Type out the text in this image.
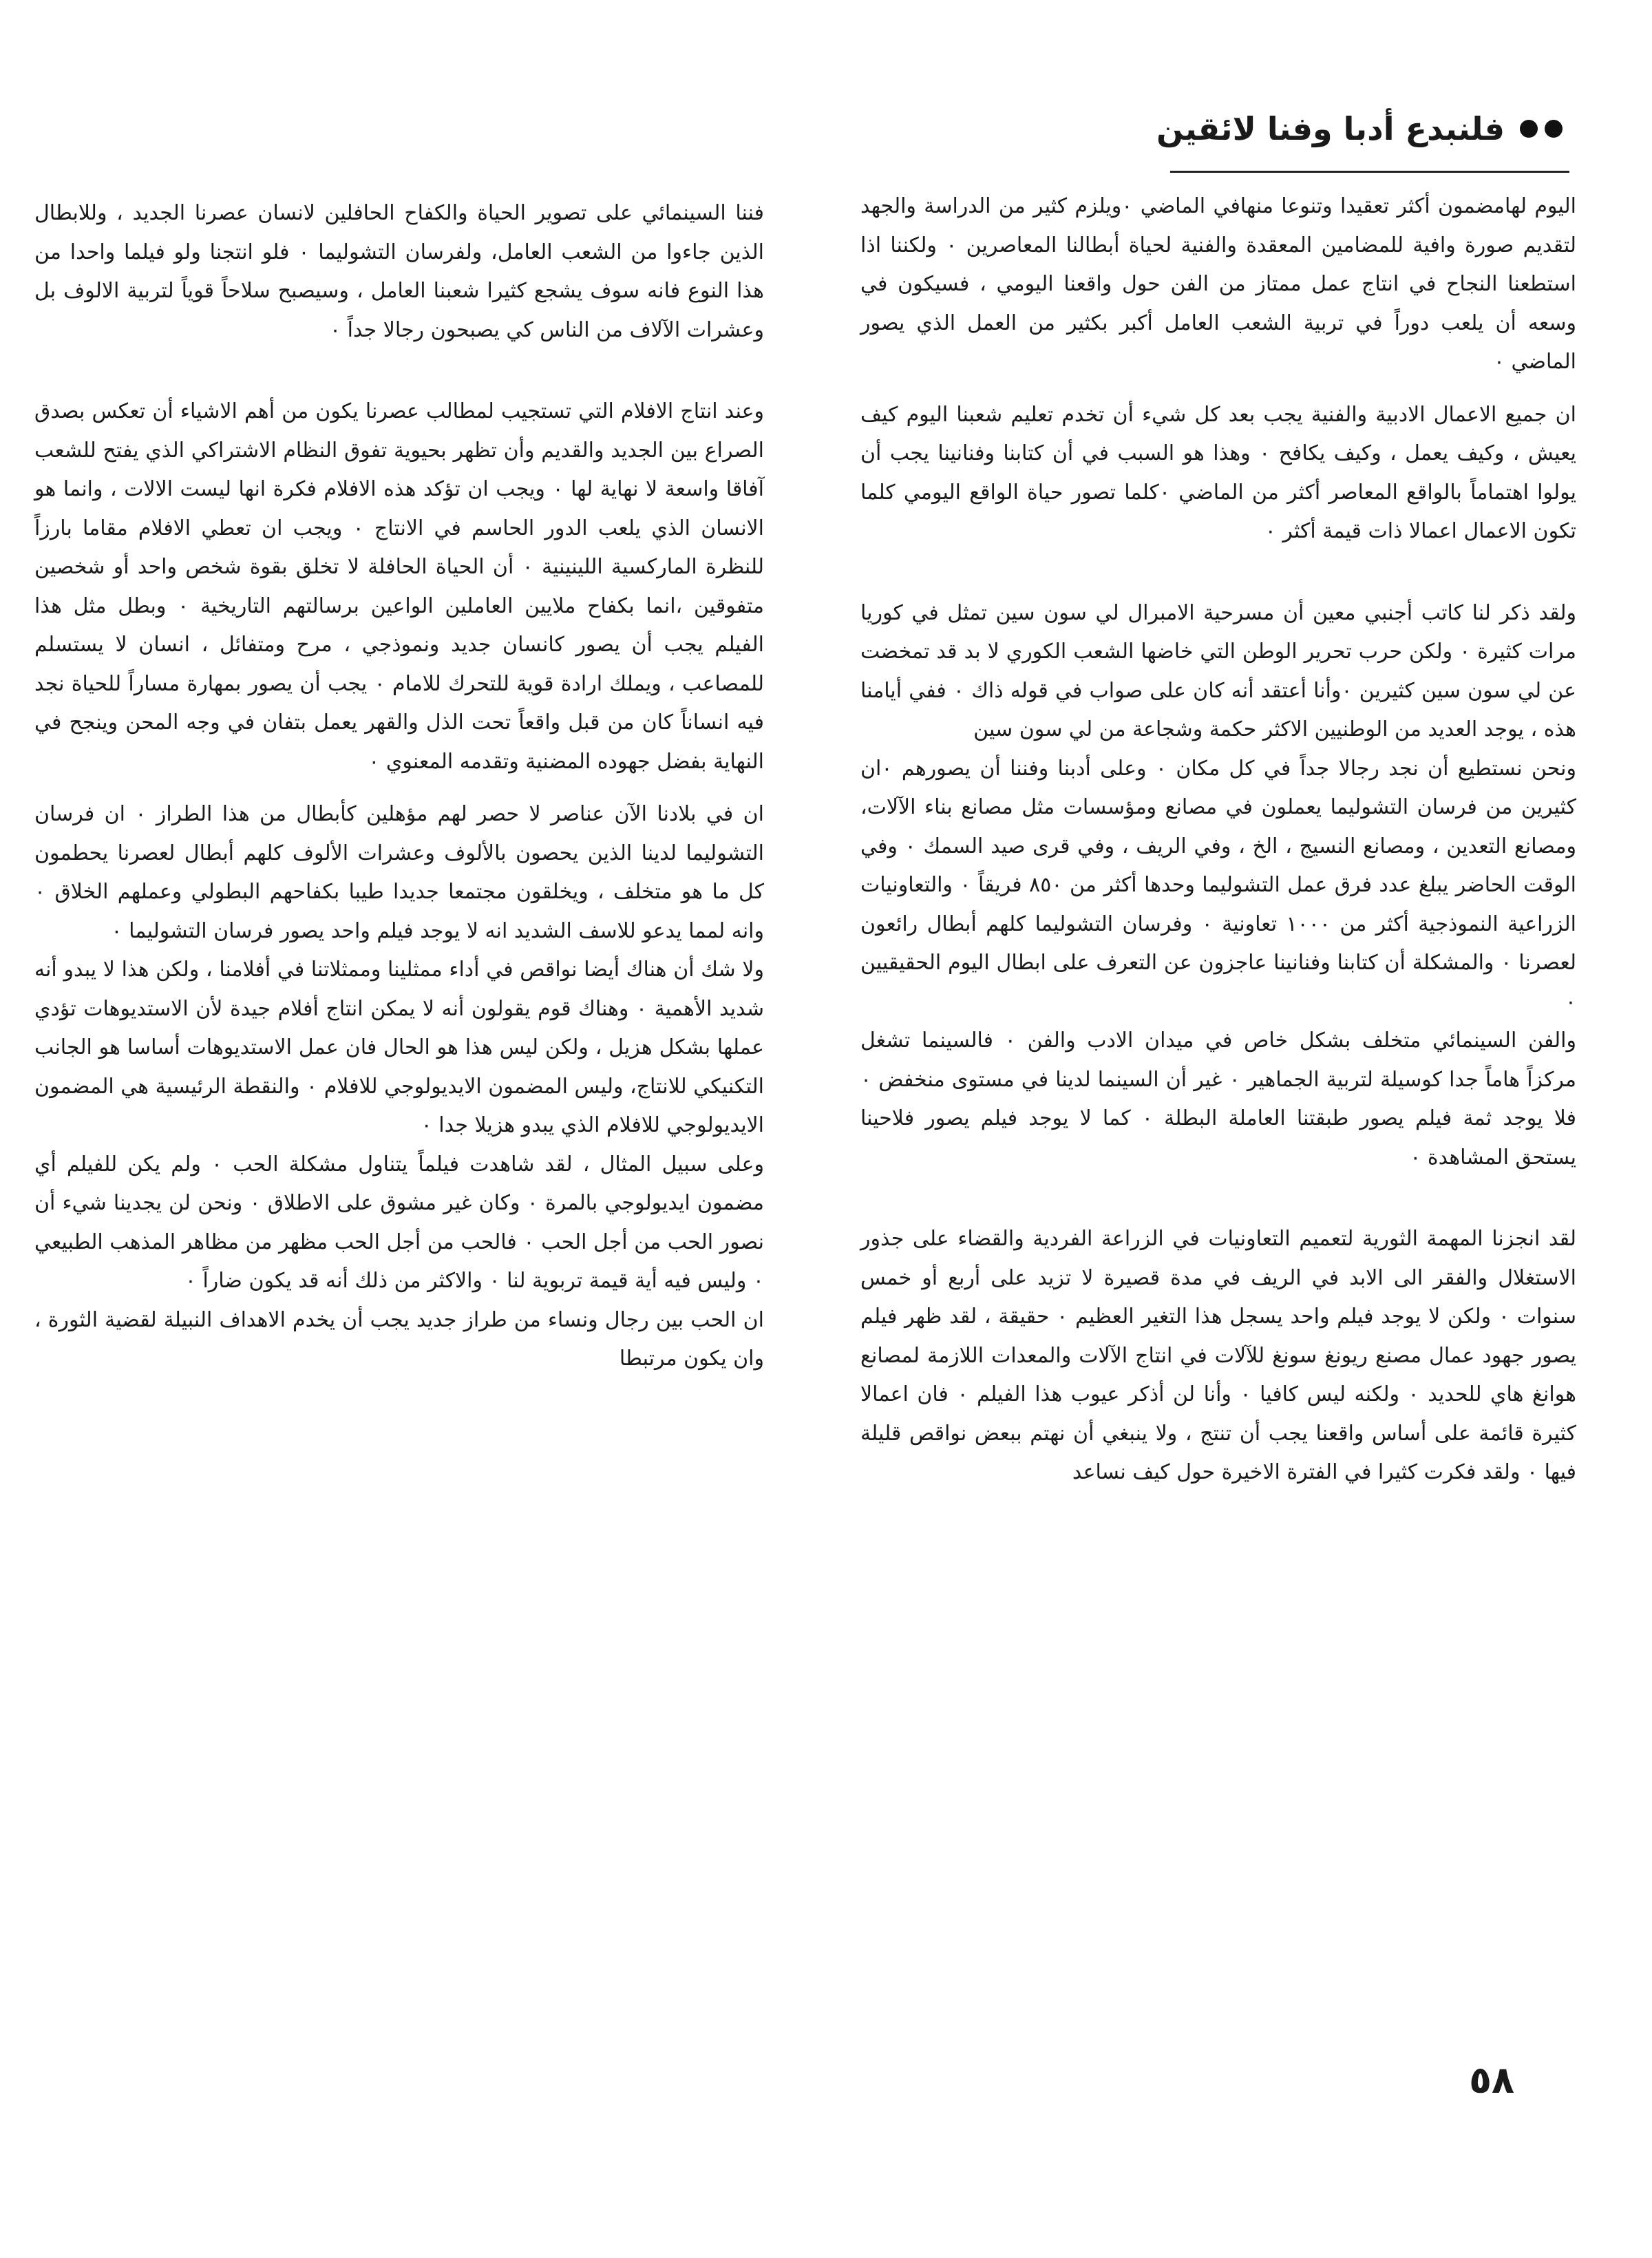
فلنبدع أدبا وفنا لائقين

اليوم لهامضمون أكثر تعقيدا وتنوعا منهافي الماضي ٠ويلزم كثير من الدراسة والجهد لتقديم صورة وافية للمضامين المعقدة والفنية لحياة أبطالنا المعاصرين ٠ ولكننا اذا استطعنا النجاح في انتاج عمل ممتاز من الفن حول واقعنا اليومي ، فسيكون في وسعه أن يلعب دوراً في تربية الشعب العامل أكبر بكثير من العمل الذي يصور الماضي ٠

ان جميع الاعمال الادبية والفنية يجب بعد كل شيء أن تخدم تعليم شعبنا اليوم كيف يعيش ، وكيف يعمل ، وكيف يكافح ٠ وهذا هو السبب في أن كتابنا وفنانينا يجب أن يولوا اهتماماً بالواقع المعاصر أكثر من الماضي ٠كلما تصور حياة الواقع اليومي كلما تكون الاعمال اعمالا ذات قيمة أكثر ٠

ولقد ذكر لنا كاتب أجنبي معين أن مسرحية الامبرال لي سون سين تمثل في كوريا مرات كثيرة ٠ ولكن حرب تحرير الوطن التي خاضها الشعب الكوري لا بد قد تمخضت عن لي سون سين كثيرين ٠وأنا أعتقد أنه كان على صواب في قوله ذاك ٠ ففي أيامنا هذه ، يوجد العديد من الوطنيين الاكثر حكمة وشجاعة من لي سون سين

ونحن نستطيع أن نجد رجالا جداً في كل مكان ٠ وعلى أدبنا وفننا أن يصورهم ٠ان كثيرين من فرسان التشوليما يعملون في مصانع ومؤسسات مثل مصانع بناء الآلات، ومصانع التعدين ، ومصانع النسيج ، الخ ، وفي الريف ، وفي قرى صيد السمك ٠ وفي الوقت الحاضر يبلغ عدد فرق عمل التشوليما وحدها أكثر من ٨٥٠ فريقاً ٠ والتعاونيات الزراعية النموذجية أكثر من ١٠٠٠ تعاونية ٠ وفرسان التشوليما كلهم أبطال رائعون لعصرنا ٠ والمشكلة أن كتابنا وفنانينا عاجزون عن التعرف على ابطال اليوم الحقيقيين ٠

والفن السينمائي متخلف بشكل خاص في ميدان الادب والفن ٠ فالسينما تشغل مركزاً هاماً جدا كوسيلة لتربية الجماهير ٠ غير أن السينما لدينا في مستوى منخفض ٠ فلا يوجد ثمة فيلم يصور طبقتنا العاملة البطلة ٠ كما لا يوجد فيلم يصور فلاحينا يستحق المشاهدة ٠

لقد انجزنا المهمة الثورية لتعميم التعاونيات في الزراعة الفردية والقضاء على جذور الاستغلال والفقر الى الابد في الريف في مدة قصيرة لا تزيد على أربع أو خمس سنوات ٠ ولكن لا يوجد فيلم واحد يسجل هذا التغير العظيم ٠ حقيقة ، لقد ظهر فيلم يصور جهود عمال مصنع ريونغ سونغ للآلات في انتاج الآلات والمعدات اللازمة لمصانع هوانغ هاي للحديد ٠ ولكنه ليس كافيا ٠ وأنا لن أذكر عيوب هذا الفيلم ٠ فان اعمالا كثيرة قائمة على أساس واقعنا يجب أن تنتج ، ولا ينبغي أن نهتم ببعض نواقص قليلة فيها ٠ ولقد فكرت كثيرا في الفترة الاخيرة حول كيف نساعد

فننا السينمائي على تصوير الحياة والكفاح الحافلين لانسان عصرنا الجديد ، وللابطال الذين جاءوا من الشعب العامل، ولفرسان التشوليما ٠ فلو انتجنا ولو فيلما واحدا من هذا النوع فانه سوف يشجع كثيرا شعبنا العامل ، وسيصبح سلاحاً قوياً لتربية الالوف بل وعشرات الآلاف من الناس كي يصبحون رجالا جداً ٠

وعند انتاج الافلام التي تستجيب لمطالب عصرنا يكون من أهم الاشياء أن تعكس بصدق الصراع بين الجديد والقديم وأن تظهر بحيوية تفوق النظام الاشتراكي الذي يفتح للشعب آفاقا واسعة لا نهاية لها ٠ ويجب ان تؤكد هذه الافلام فكرة انها ليست الالات ، وانما هو الانسان الذي يلعب الدور الحاسم في الانتاج ٠ ويجب ان تعطي الافلام مقاما بارزاً للنظرة الماركسية اللينينية ٠ أن الحياة الحافلة لا تخلق بقوة شخص واحد أو شخصين متفوقين ،انما بكفاح ملايين العاملين الواعين برسالتهم التاريخية ٠ وبطل مثل هذا الفيلم يجب أن يصور كانسان جديد ونموذجي ، مرح ومتفائل ، انسان لا يستسلم للمصاعب ، ويملك ارادة قوية للتحرك للامام ٠ يجب أن يصور بمهارة مساراً للحياة نجد فيه انساناً كان من قبل واقعاً تحت الذل والقهر يعمل بتفان في وجه المحن وينجح في النهاية بفضل جهوده المضنية وتقدمه المعنوي ٠

ان في بلادنا الآن عناصر لا حصر لهم مؤهلين كأبطال من هذا الطراز ٠ ان فرسان التشوليما لدينا الذين يحصون بالألوف وعشرات الألوف كلهم أبطال لعصرنا يحطمون كل ما هو متخلف ، ويخلقون مجتمعا جديدا طيبا بكفاحهم البطولي وعملهم الخلاق ٠ وانه لمما يدعو للاسف الشديد انه لا يوجد فيلم واحد يصور فرسان التشوليما ٠

ولا شك أن هناك أيضا نواقص في أداء ممثلينا وممثلاتنا في أفلامنا ، ولكن هذا لا يبدو أنه شديد الأهمية ٠ وهناك قوم يقولون أنه لا يمكن انتاج أفلام جيدة لأن الاستديوهات تؤدي عملها بشكل هزيل ، ولكن ليس هذا هو الحال فان عمل الاستديوهات أساسا هو الجانب التكنيكي للانتاج، وليس المضمون الايديولوجي للافلام ٠ والنقطة الرئيسية هي المضمون الايديولوجي للافلام الذي يبدو هزيلا جدا ٠

وعلى سبيل المثال ، لقد شاهدت فيلماً يتناول مشكلة الحب ٠ ولم يكن للفيلم أي مضمون ايديولوجي بالمرة ٠ وكان غير مشوق على الاطلاق ٠ ونحن لن يجدينا شيء أن نصور الحب من أجل الحب ٠ فالحب من أجل الحب مظهر من مظاهر المذهب الطبيعي ٠ وليس فيه أية قيمة تربوية لنا ٠ والاكثر من ذلك أنه قد يكون ضاراً ٠

ان الحب بين رجال ونساء من طراز جديد يجب أن يخدم الاهداف النبيلة لقضية الثورة ، وان يكون مرتبطا

٥٨
